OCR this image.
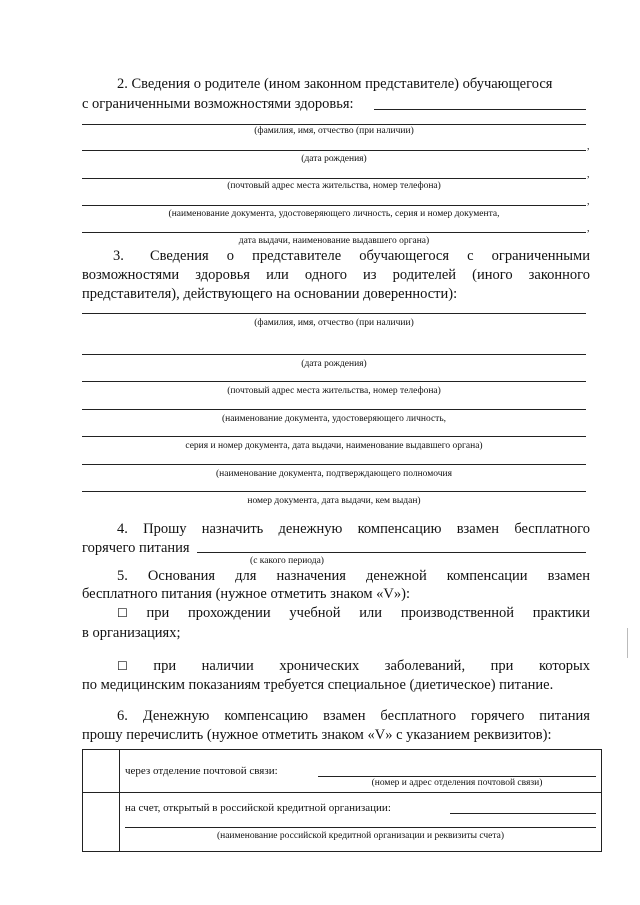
2. Сведения о родителе (ином законном представителе) обучающегося
с ограниченными возможностями здоровья:
(фамилия, имя, отчество (при наличии)
,
(дата рождения)
,
(почтовый адрес места жительства, номер телефона)
,
(наименование документа, удостоверяющего личность, серия и номер документа,
,
дата выдачи, наименование выдавшего органа)
3. Сведения о представителе обучающегося с ограниченными
возможностями здоровья или одного из родителей (иного законного
представителя), действующего на основании доверенности):
(фамилия, имя, отчество (при наличии)
(дата рождения)
(почтовый адрес места жительства, номер телефона)
(наименование документа, удостоверяющего личность,
серия и номер документа, дата выдачи, наименование выдавшего органа)
(наименование документа, подтверждающего полномочия
номер документа, дата выдачи, кем выдан)
4. Прошу назначить денежную компенсацию взамен бесплатного
горячего питания
(с какого периода)
5. Основания для назначения денежной компенсации взамен
бесплатного питания (нужное отметить знаком «V»):
☐ при прохождении учебной или производственной практики
в организациях;
☐ при наличии хронических заболеваний, при которых
по медицинским показаниям требуется специальное (диетическое) питание.
6. Денежную компенсацию взамен бесплатного горячего питания
прошу перечислить (нужное отметить знаком «V» с указанием реквизитов):

	через отделение почтовой связи:
(номер и адрес отделения почтовой связи)

	на счет, открытый в российской кредитной организации:
(наименование российской кредитной организации и реквизиты счета)
